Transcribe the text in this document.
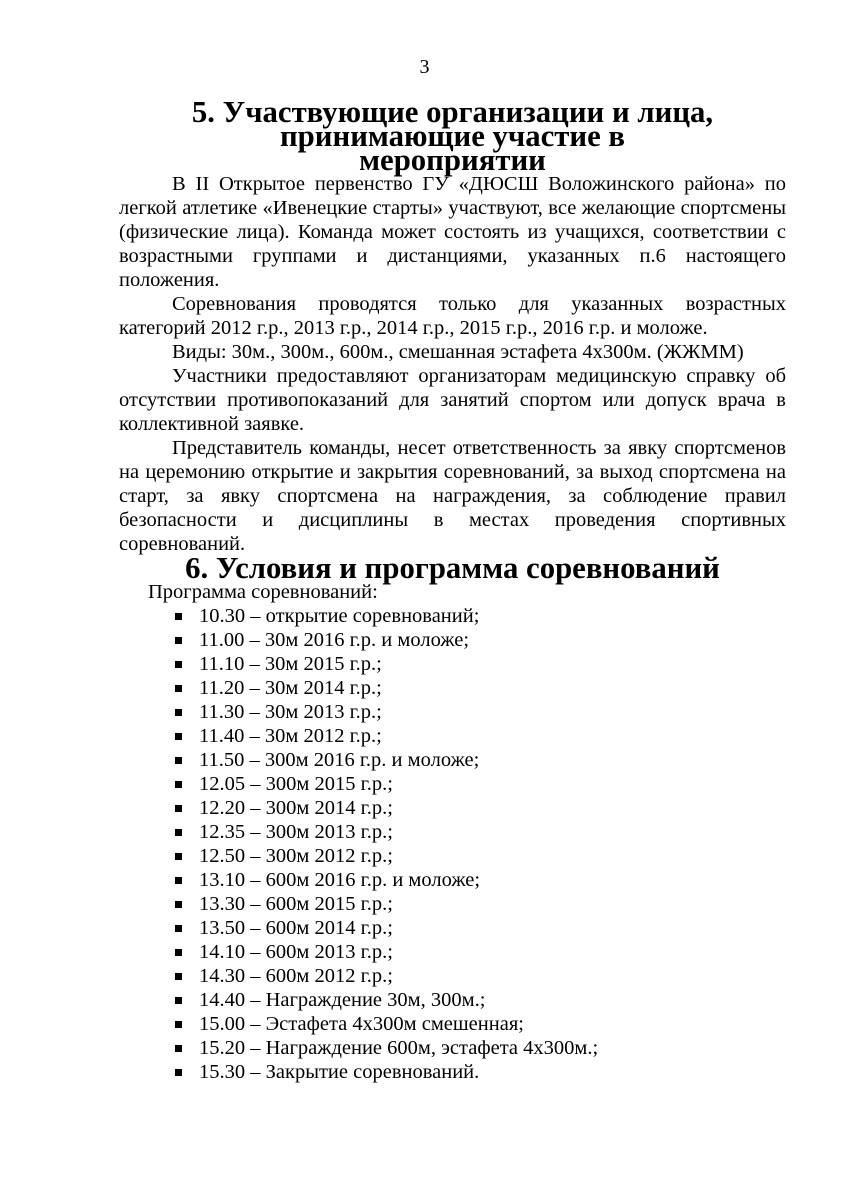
3
5. Участвующие организации и лица, принимающие участие в
мероприятии

В II Открытое первенство ГУ «ДЮСШ Воложинского района» по легкой атлетике «Ивенецкие старты» участвуют, все желающие спортсмены (физические лица). Команда может состоять из учащихся, соответствии с возрастными группами и дистанциями, указанных п.6 настоящего положения.

Соревнования проводятся только для указанных возрастных категорий 2012 г.р., 2013 г.р., 2014 г.р., 2015 г.р., 2016 г.р. и моложе.

Виды: 30м., 300м., 600м., смешанная эстафета 4х300м. (ЖЖММ)

Участники предоставляют организаторам медицинскую справку об отсутствии противопоказаний для занятий спортом или допуск врача в коллективной заявке.

Представитель команды, несет ответственность за явку спортсменов на церемонию открытие и закрытия соревнований, за выход спортсмена на старт, за явку спортсмена на награждения, за соблюдение правил безопасности и дисциплины в местах проведения спортивных соревнований.

6. Условия и программа соревнований

Программа соревнований:

10.30 – открытие соревнований;
11.00 – 30м 2016 г.р. и моложе;
11.10 – 30м 2015 г.р.;
11.20 – 30м 2014 г.р.;
11.30 – 30м 2013 г.р.;
11.40 – 30м 2012 г.р.;
11.50 – 300м 2016 г.р. и моложе;
12.05 – 300м 2015 г.р.;
12.20 – 300м 2014 г.р.;
12.35 – 300м 2013 г.р.;
12.50 – 300м 2012 г.р.;
13.10 – 600м 2016 г.р. и моложе;
13.30 – 600м 2015 г.р.;
13.50 – 600м 2014 г.р.;
14.10 – 600м 2013 г.р.;
14.30 – 600м 2012 г.р.;
14.40 – Награждение 30м, 300м.;
15.00 – Эстафета 4х300м смешенная;
15.20 – Награждение 600м, эстафета 4х300м.;
15.30 – Закрытие соревнований.
